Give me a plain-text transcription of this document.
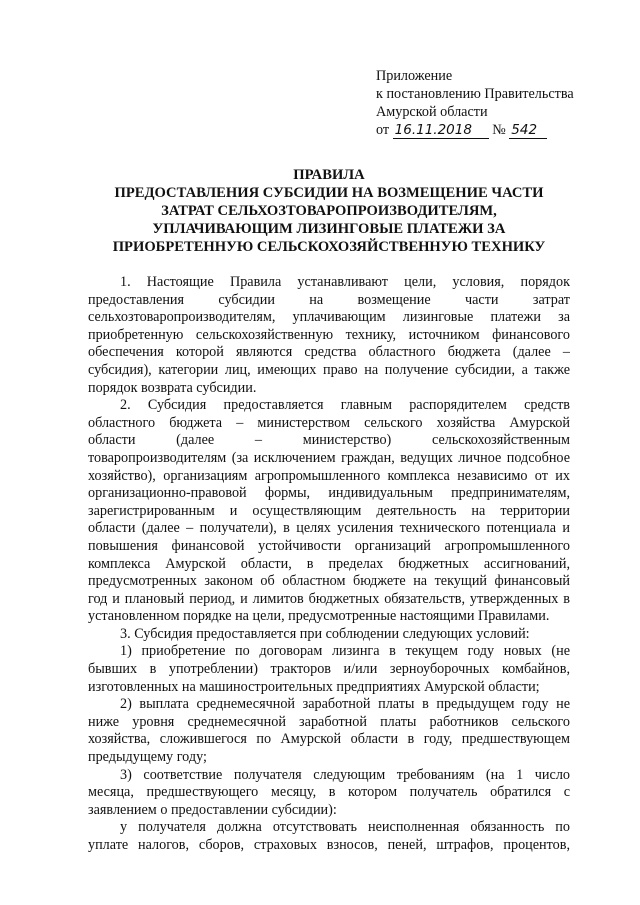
Приложение
к постановлению Правительства
Амурской области
от 16.11.2018 № 542
ПРАВИЛА
ПРЕДОСТАВЛЕНИЯ СУБСИДИИ НА ВОЗМЕЩЕНИЕ ЧАСТИ
ЗАТРАТ СЕЛЬХОЗТОВАРОПРОИЗВОДИТЕЛЯМ,
УПЛАЧИВАЮЩИМ ЛИЗИНГОВЫЕ ПЛАТЕЖИ ЗА
ПРИОБРЕТЕННУЮ СЕЛЬСКОХОЗЯЙСТВЕННУЮ ТЕХНИКУ
1. Настоящие Правила устанавливают цели, условия, порядок
предоставления субсидии на возмещение части затрат
сельхозтоваропроизводителям, уплачивающим лизинговые платежи за
приобретенную сельскохозяйственную технику, источником финансового
обеспечения которой являются средства областного бюджета (далее –
субсидия), категории лиц, имеющих право на получение субсидии, а также
порядок возврата субсидии.
2. Субсидия предоставляется главным распорядителем средств
областного бюджета – министерством сельского хозяйства Амурской
области (далее – министерство) сельскохозяйственным
товаропроизводителям (за исключением граждан, ведущих личное подсобное
хозяйство), организациям агропромышленного комплекса независимо от их
организационно-правовой формы, индивидуальным предпринимателям,
зарегистрированным и осуществляющим деятельность на территории
области (далее – получатели), в целях усиления технического потенциала и
повышения финансовой устойчивости организаций агропромышленного
комплекса Амурской области, в пределах бюджетных ассигнований,
предусмотренных законом об областном бюджете на текущий финансовый
год и плановый период, и лимитов бюджетных обязательств, утвержденных в
установленном порядке на цели, предусмотренные настоящими Правилами.
3. Субсидия предоставляется при соблюдении следующих условий:
1) приобретение по договорам лизинга в текущем году новых (не
бывших в употреблении) тракторов и/или зерноуборочных комбайнов,
изготовленных на машиностроительных предприятиях Амурской области;
2) выплата среднемесячной заработной платы в предыдущем году не
ниже уровня среднемесячной заработной платы работников сельского
хозяйства, сложившегося по Амурской области в году, предшествующем
предыдущему году;
3) соответствие получателя следующим требованиям (на 1 число
месяца, предшествующего месяцу, в котором получатель обратился с
заявлением о предоставлении субсидии):
у получателя должна отсутствовать неисполненная обязанность по
уплате налогов, сборов, страховых взносов, пеней, штрафов, процентов,
